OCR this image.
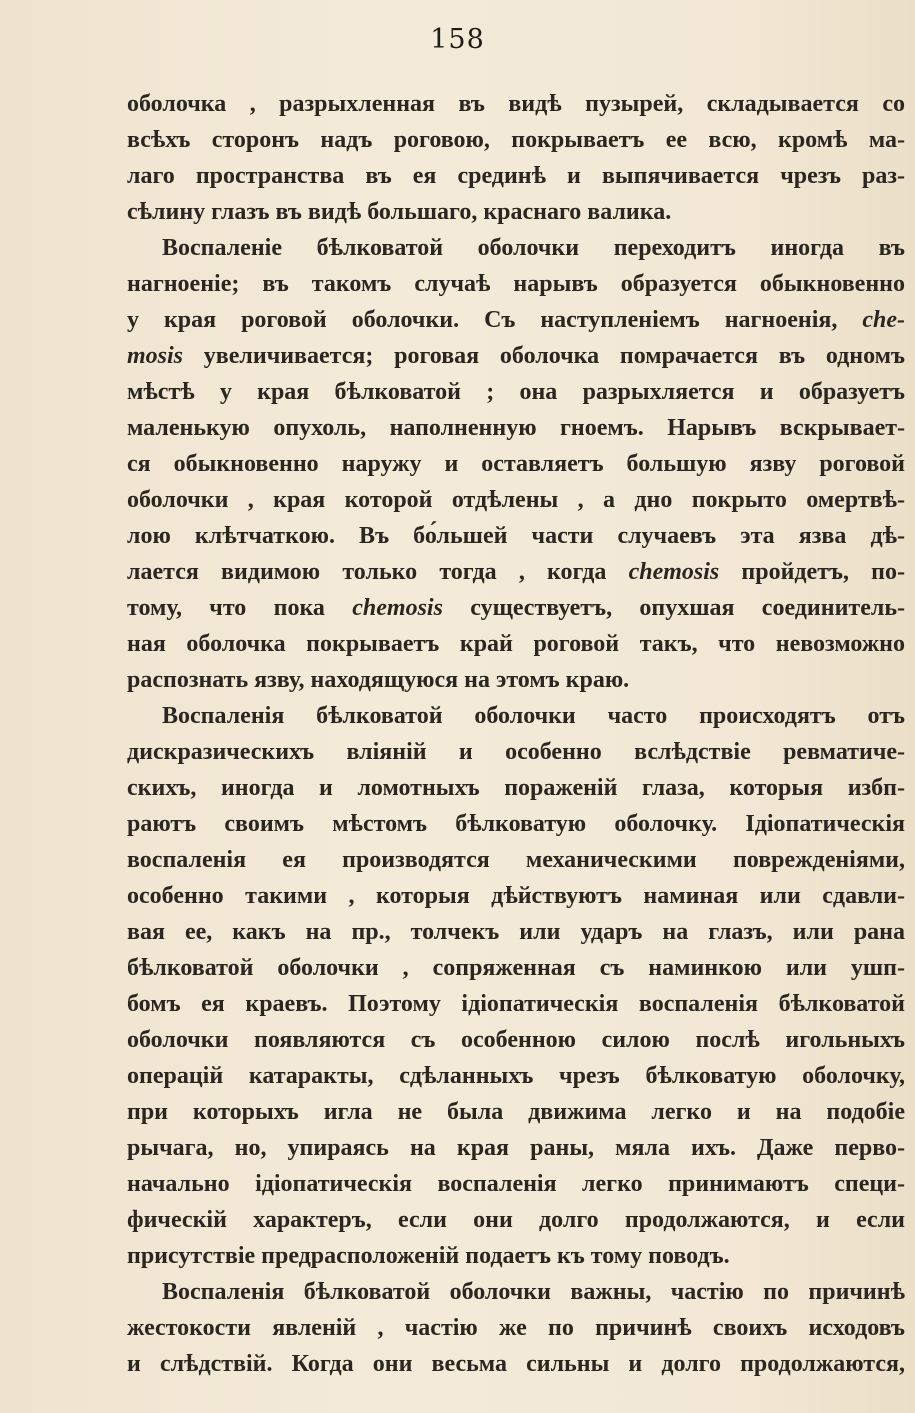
158
оболочка , разрыхленная въ видѣ пузырей, складывается со
всѣхъ сторонъ надъ роговою, покрываетъ ее всю, кромѣ ма-
лаго пространства въ ея срединѣ и выпячивается чрезъ раз-
сѣлину глазъ въ видѣ большаго, краснаго валика.
Воспаленіе бѣлковатой оболочки переходитъ иногда въ
нагноеніе; въ такомъ случаѣ нарывъ образуется обыкновенно
у края роговой оболочки. Съ наступленіемъ нагноенія, che-
mosis увеличивается; роговая оболочка помрачается въ одномъ
мѣстѣ у края бѣлковатой ; она разрыхляется и образуетъ
маленькую опухоль, наполненную гноемъ. Нарывъ вскрывает-
ся обыкновенно наружу и оставляетъ большую язву роговой
оболочки , края которой отдѣлены , а дно покрыто омертвѣ-
лою клѣтчаткою. Въ бо́льшей части случаевъ эта язва дѣ-
лается видимою только тогда , когда chemosis пройдетъ, по-
тому, что пока chemosis существуетъ, опухшая соединитель-
ная оболочка покрываетъ край роговой такъ, что невозможно
распознать язву, находящуюся на этомъ краю.
Воспаленія бѣлковатой оболочки часто происходятъ отъ
дискразическихъ вліяній и особенно вслѣдствіе ревматиче-
скихъ, иногда и ломотныхъ пораженій глаза, которыя избп-
раютъ своимъ мѣстомъ бѣлковатую оболочку. Ідіопатическія
воспаленія ея производятся механическими поврежденіями,
особенно такими , которыя дѣйствуютъ наминая или сдавли-
вая ее, какъ на пр., толчекъ или ударъ на глазъ, или рана
бѣлковатой оболочки , сопряженная съ наминкою или ушп-
бомъ ея краевъ. Поэтому ідіопатическія воспаленія бѣлковатой
оболочки появляются съ особенною силою послѣ игольныхъ
операцій катаракты, сдѣланныхъ чрезъ бѣлковатую оболочку,
при которыхъ игла не была движима легко и на подобіе
рычага, но, упираясь на края раны, мяла ихъ. Даже перво-
начально ідіопатическія воспаленія легко принимаютъ специ-
фическій характеръ, если они долго продолжаются, и если
присутствіе предрасположеній подаетъ къ тому поводъ.
Воспаленія бѣлковатой оболочки важны, частію по причинѣ
жестокости явленій , частію же по причинѣ своихъ исходовъ
и слѣдствій. Когда они весьма сильны и долго продолжаются,
